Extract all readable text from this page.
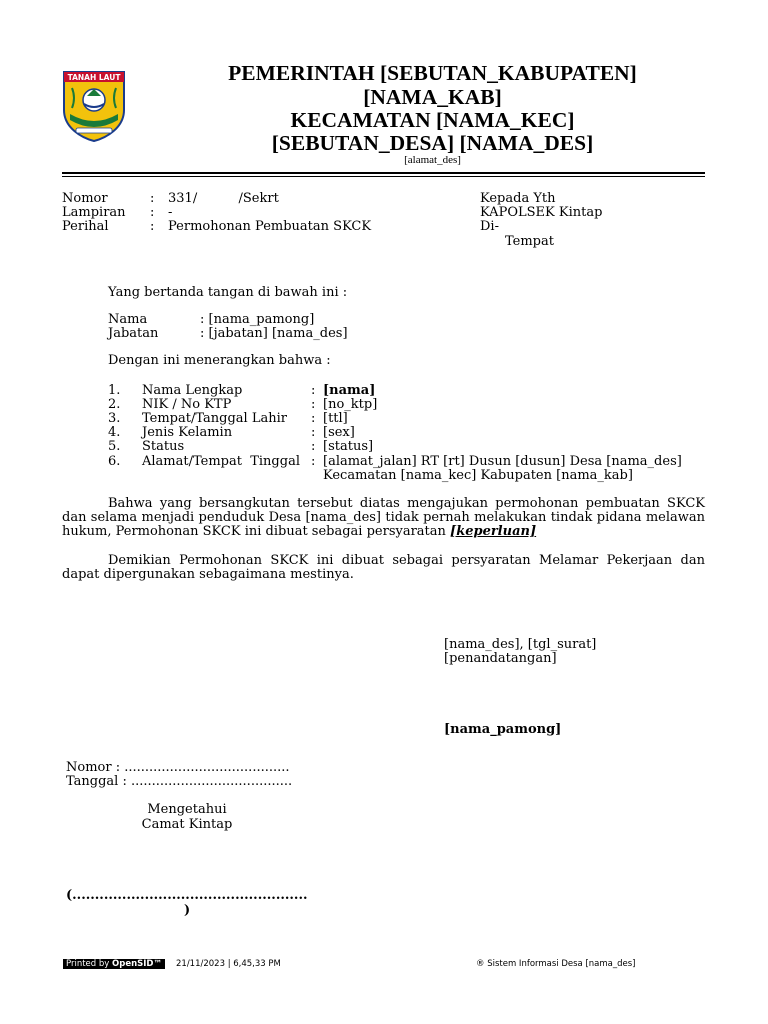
TANAH LAUT	PEMERINTAH [SEBUTAN_KABUPATEN]
[NAMA_KAB]
KECAMATAN [NAMA_KEC]
[SEBUTAN_DESA] [NAMA_DES]
[alamat_des]
Nomor	: 331/          /Sekrt
Lampiran : -
Perihal	: Permohonan Pembuatan SKCK
Kepada Yth
KAPOLSEK Kintap
Di-
Tempat
Yang bertanda tangan di bawah ini :
Nama	: [nama_pamong]
Jabatan	: [jabatan] [nama_des]
Dengan ini menerangkan bahwa :
1. Nama Lengkap	: [nama]
2. NIK / No KTP	: [no_ktp]
3. Tempat/Tanggal Lahir : [ttl]
4. Jenis Kelamin	: [sex]
5. Status	: [status]
6. Alamat/Tempat  Tinggal : [alamat_jalan] RT [rt] Dusun [dusun] Desa [nama_des]
Kecamatan [nama_kec] Kabupaten [nama_kab]
Bahwa yang bersangkutan tersebut diatas mengajukan permohonan pembuatan SKCK dan selama menjadi penduduk Desa [nama_des] tidak pernah melakukan tindak pidana melawan hukum, Permohonan SKCK ini dibuat sebagai persyaratan [keperluan]
Demikian Permohonan SKCK ini dibuat sebagai persyaratan Melamar Pekerjaan dan dapat dipergunakan sebagaimana mestinya.
[nama_des], [tgl_surat]
[penandatangan]
[nama_pamong]
Nomor : ........................................
Tanggal : .......................................
Mengetahui
Camat Kintap
(....................................................
)
Printed by OpenSID™	21/11/2023 | 6,45,33 PM	® Sistem Informasi Desa [nama_des]
